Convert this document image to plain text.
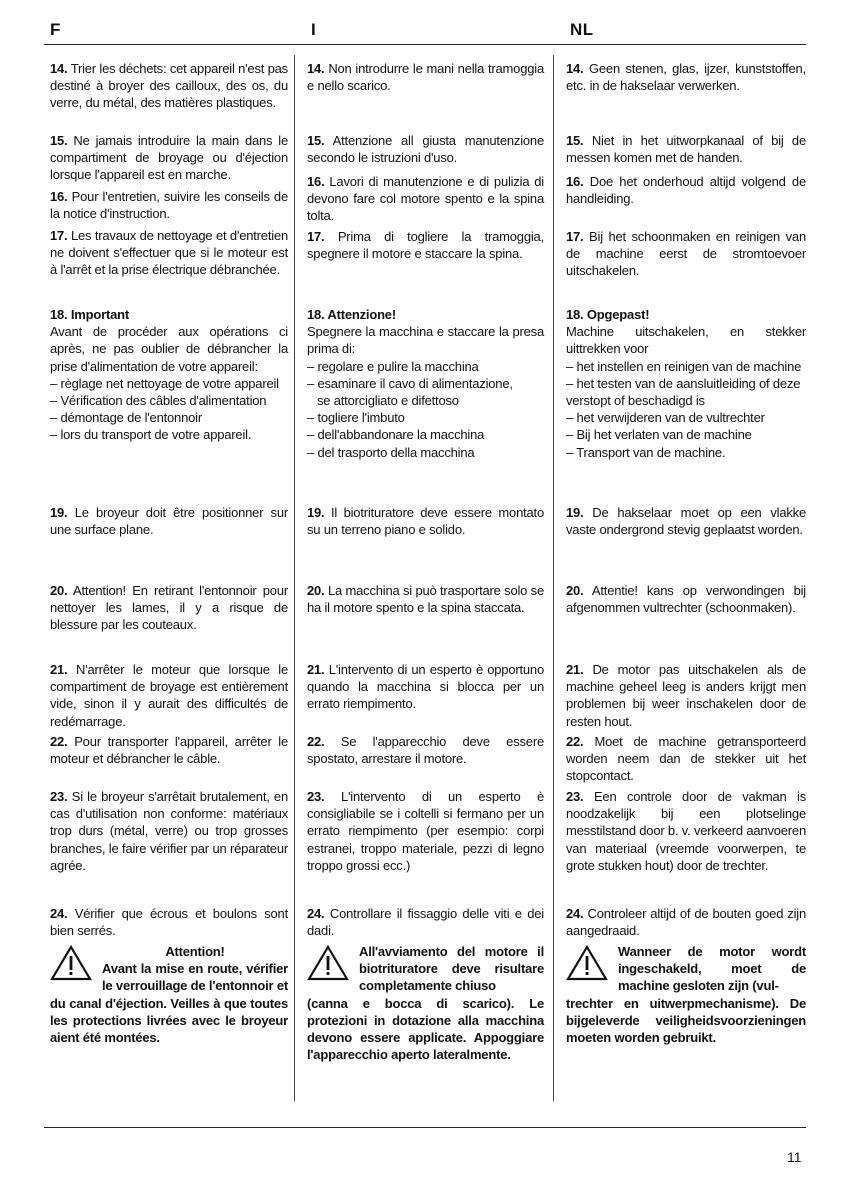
F	I	NL

14. Trier les déchets: cet appareil n'est pas destiné à broyer des cailloux, des os, du verre, du métal, des matières plastiques.

15. Ne jamais introduire la main dans le compartiment de broyage ou d'éjection lorsque l'appareil est en marche.

16. Pour l'entretien, suivire les conseils de la notice d'instruction.

17. Les travaux de nettoyage et d'entretien ne doivent s'effectuer que si le moteur est à l'arrêt et la prise électrique débranchée.

18. Important

Avant de procéder aux opérations ci après, ne pas oublier de débrancher la prise d'alimentation de votre appareil:

– règlage net nettoyage de votre appareil
– Vérification des câbles d'alimentation
– démontage de l'entonnoir
– lors du transport de votre appareil.

19. Le broyeur doit être positionner sur une surface plane.

20. Attention! En retirant l'entonnoir pour nettoyer les lames, il y a risque de blessure par les couteaux.

21. N'arrêter le moteur que lorsque le compartiment de broyage est entièrement vide, sinon il y aurait des difficultés de redémarrage.

22. Pour transporter l'appareil, arrêter le moteur et débrancher le câble.

23. Si le broyeur s'arrêtait brutalement, en cas d'utilisation non conforme: matériaux trop durs (métal, verre) ou trop grosses branches, le faire vérifier par un réparateur agrée.

24. Vérifier que écrous et boulons sont bien serrés.

Attention!

Avant la mise en route, vérifier le verrouillage de l'entonnoir et du canal d'éjection. Veilles à que toutes les protections livrées avec le broyeur aient été montées.

14. Non introdurre le mani nella tramoggia e nello scarico.

15. Attenzione all giusta manutenzione secondo le istruzioni d'uso.

16. Lavori di manutenzione e di pulizia di devono fare col motore spento e la spina tolta.

17. Prima di togliere la tramoggia, spegnere il motore e staccare la spina.

18. Attenzione!

Spegnere la macchina e staccare la presa prima di:

– regolare e pulire la macchina
– esaminare il cavo di alimentazione,
se attorcigliato e difettoso
– togliere l'imbuto
– dell'abbandonare la macchina
– del trasporto della macchina

19. Il biotrituratore deve essere montato su un terreno piano e solido.

20. La macchina si può trasportare solo se ha il motore spento e la spina staccata.

21. L'intervento di un esperto è opportuno quando la macchina si blocca per un errato riempimento.

22. Se l'apparecchio deve essere spostato, arrestare il motore.

23. L'intervento di un esperto è consigliabile se i coltelli si fermano per un errato riempimento (per esempio: corpi estranei, troppo materiale, pezzi di legno troppo grossi ecc.)

24. Controllare il fissaggio delle viti e dei dadi.

All'avviamento del motore il biotrituratore deve risultare completamente chiuso

(canna e bocca di scarico). Le protezioni in dotazione alla macchina devono essere applicate. Appoggiare l'apparecchio aperto lateralmente.

14. Geen stenen, glas, ijzer, kunststoffen, etc. in de hakselaar verwerken.

15. Niet in het uitworpkanaal of bij de messen komen met de handen.

16. Doe het onderhoud altijd volgend de handleiding.

17. Bij het schoonmaken en reinigen van de machine eerst de stromtoevoer uitschakelen.

18. Opgepast!

Machine uitschakelen, en stekker uittrekken voor

– het instellen en reinigen van de machine
– het testen van de aansluitleiding of deze verstopt of beschadigd is
– het verwijderen van de vultrechter
– Bij het verlaten van de machine
– Transport van de machine.

19. De hakselaar moet op een vlakke vaste ondergrond stevig geplaatst worden.

20. Attentie! kans op verwondingen bij afgenommen vultrechter (schoonmaken).

21. De motor pas uitschakelen als de machine geheel leeg is anders krijgt men problemen bij weer inschakelen door de resten hout.

22. Moet de machine getransporteerd worden neem dan de stekker uit het stopcontact.

23. Een controle door de vakman is noodzakelijk bij een plotselinge messtilstand door b. v. verkeerd aanvoeren van materiaal (vreemde voorwerpen, te grote stukken hout) door de trechter.

24. Controleer altijd of de bouten goed zijn aangedraaid.

Wanneer de motor wordt ingeschakeld, moet de machine gesloten zijn (vul-

trechter en uitwerpmechanisme). De bijgeleverde veiligheidsvoorzieningen moeten worden gebruikt.

11
